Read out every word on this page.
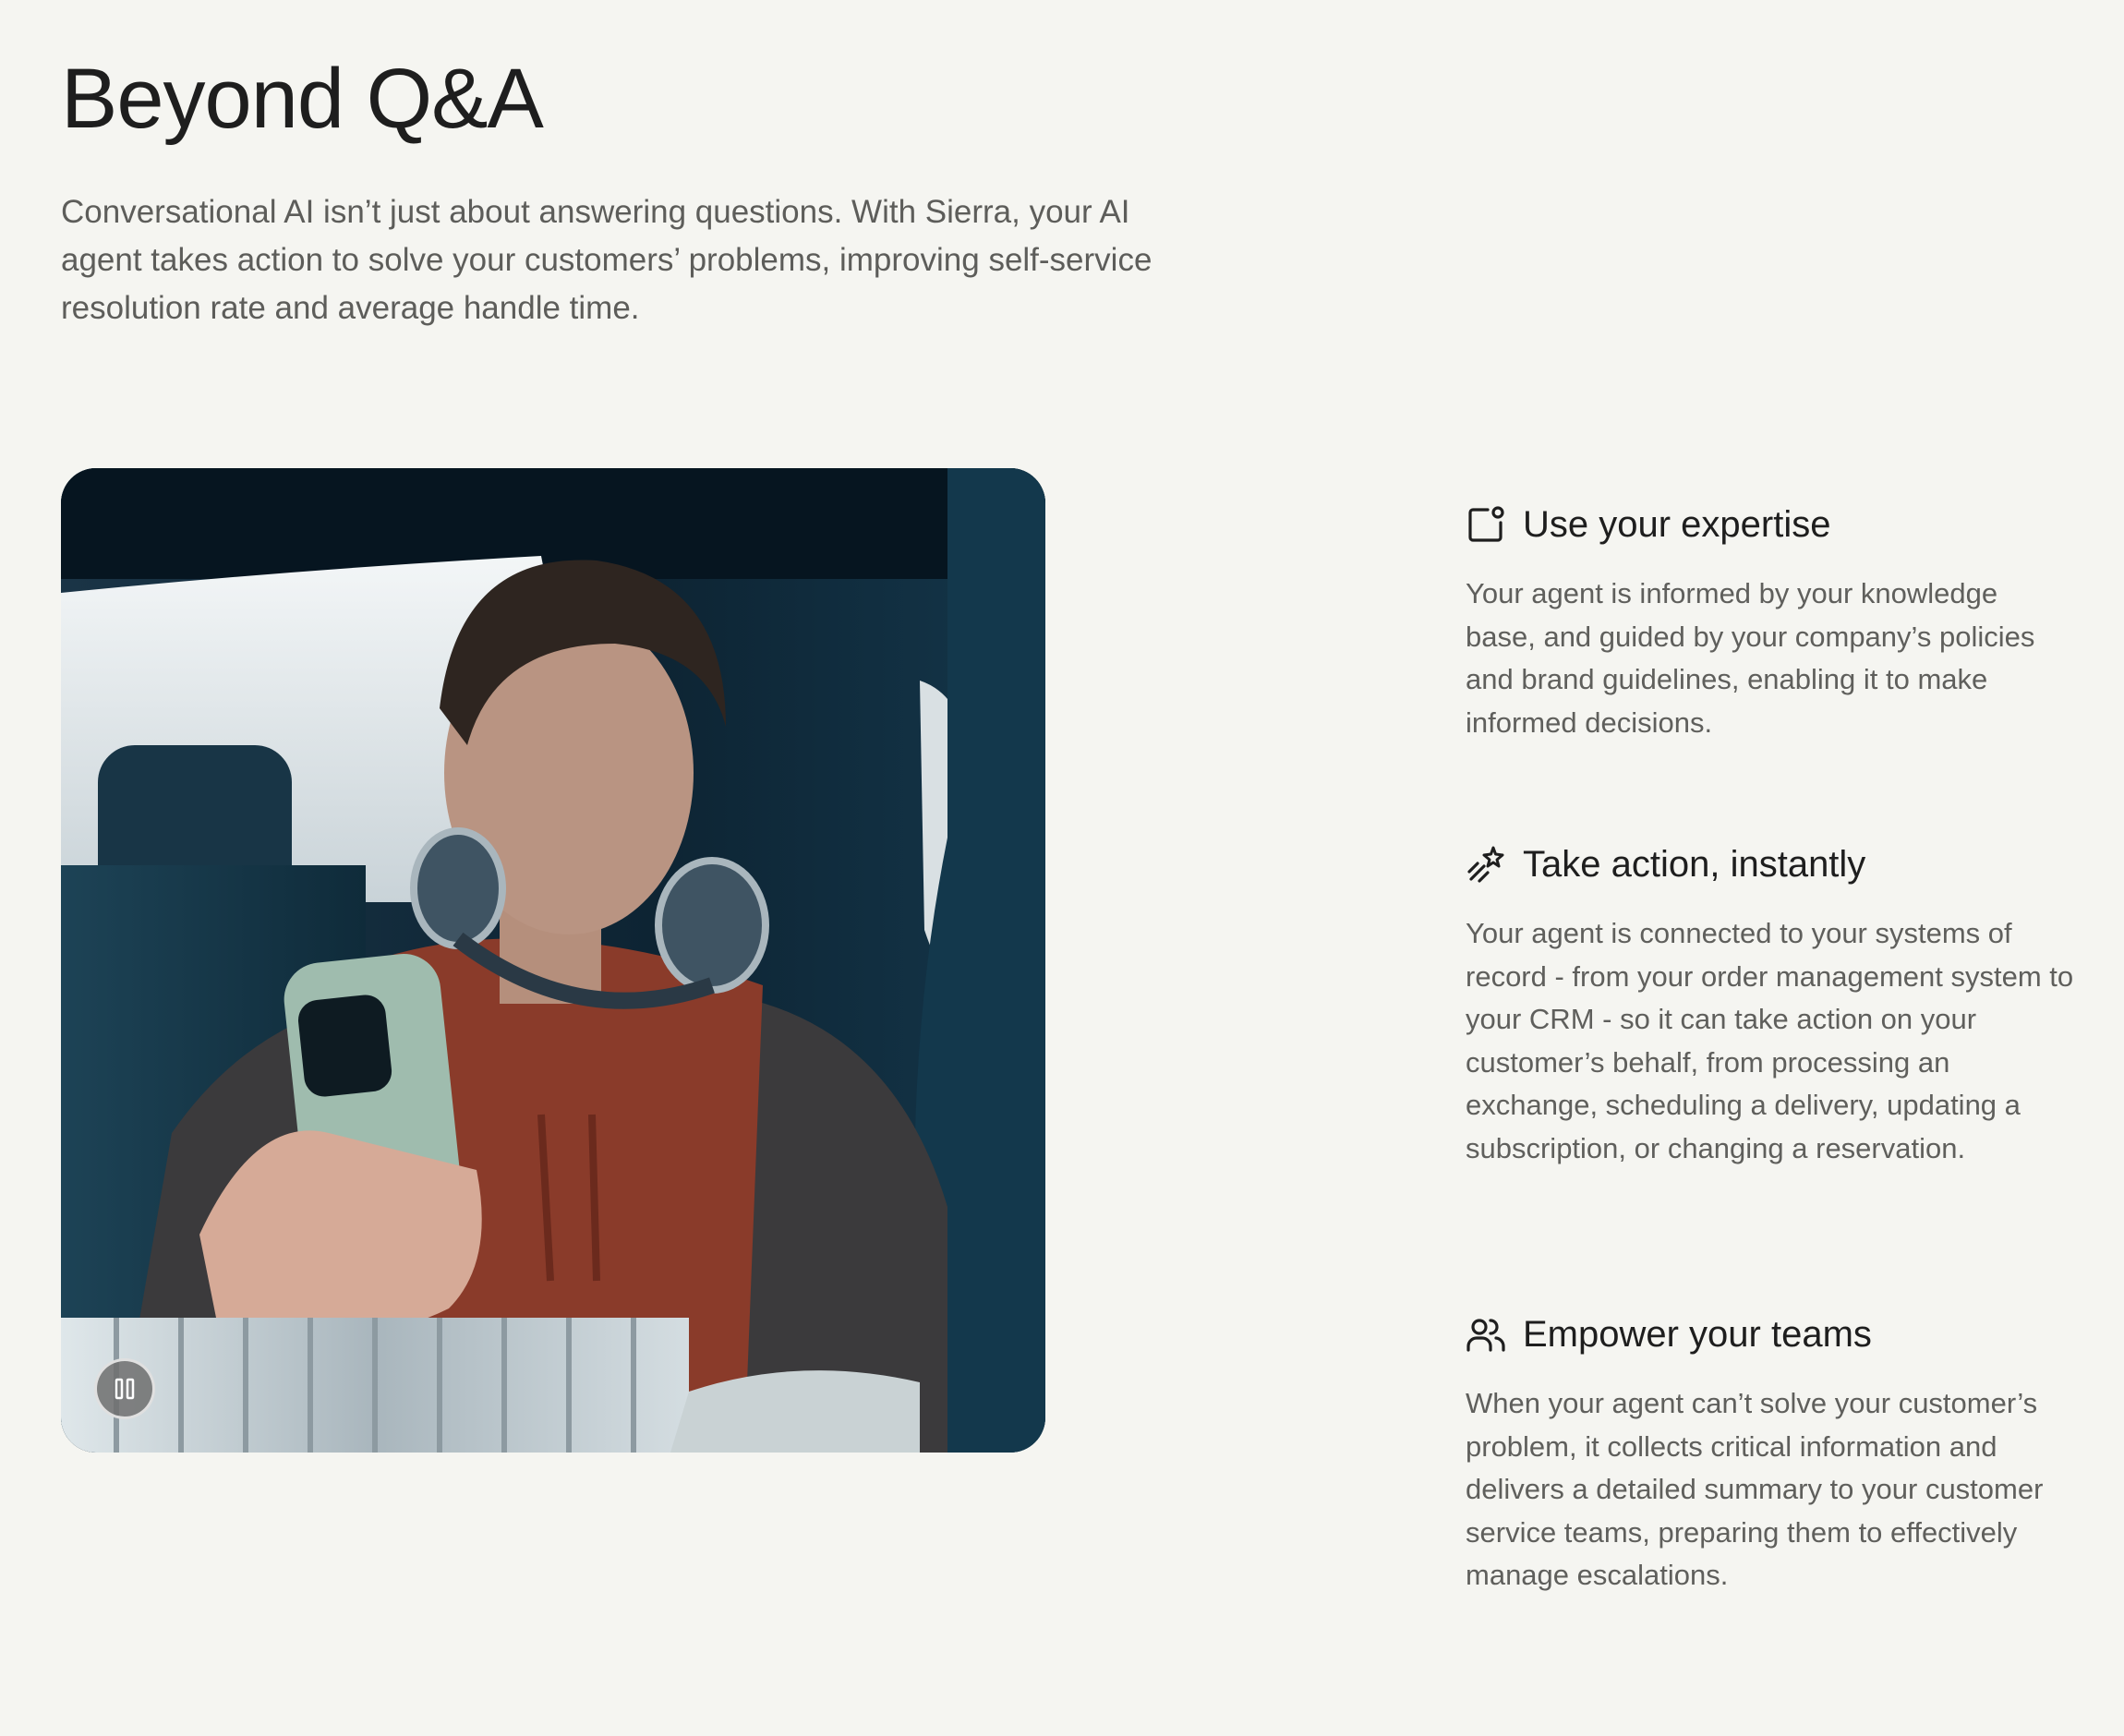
Beyond Q&A

Conversational AI isn’t just about answering questions. With Sierra, your AI agent takes action to solve your customers’ problems, improving self-service resolution rate and average handle time.

Use your expertise

Your agent is informed by your knowledge base, and guided by your company’s policies and brand guidelines, enabling it to make informed decisions.

Take action, instantly

Your agent is connected to your systems of record - from your order management system to your CRM - so it can take action on your customer’s behalf, from processing an exchange, scheduling a delivery, updating a subscription, or changing a reservation.

Empower your teams

When your agent can’t solve your customer’s problem, it collects critical information and delivers a detailed summary to your customer service teams, preparing them to effectively manage escalations.
